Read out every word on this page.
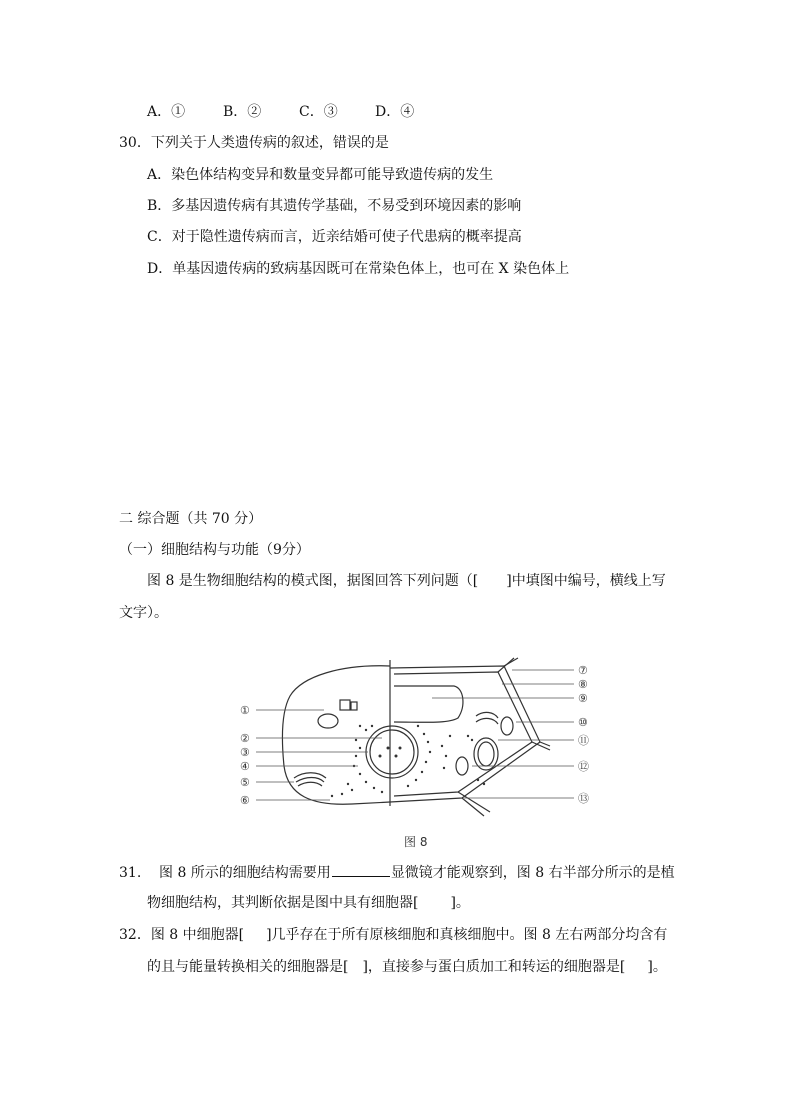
A．①	B．②	C．③	D．④
30．下列关于人类遗传病的叙述，错误的是
A．染色体结构变异和数量变异都可能导致遗传病的发生
B．多基因遗传病有其遗传学基础，不易受到环境因素的影响
C．对于隐性遗传病而言，近亲结婚可使子代患病的概率提高
D．单基因遗传病的致病基因既可在常染色体上，也可在 X 染色体上
二 综合题（共 70 分）
（一）细胞结构与功能（9分）
图 8 是生物细胞结构的模式图，据图回答下列问题（[　　]中填图中编号，横线上写
文字）。
①
②
③
④
⑤
⑥
⑦
⑧
⑨
⑩
⑪
⑫
⑬
图 8
31. 图 8 所示的细胞结构需要用	显微镜才能观察到，图 8 右半部分所示的是植
物细胞结构，其判断依据是图中具有细胞器[ ]。
32．图 8 中细胞器[ ]几乎存在于所有原核细胞和真核细胞中。图 8 左右两部分均含有
的且与能量转换相关的细胞器是[ ]，直接参与蛋白质加工和转运的细胞器是[ ]。
